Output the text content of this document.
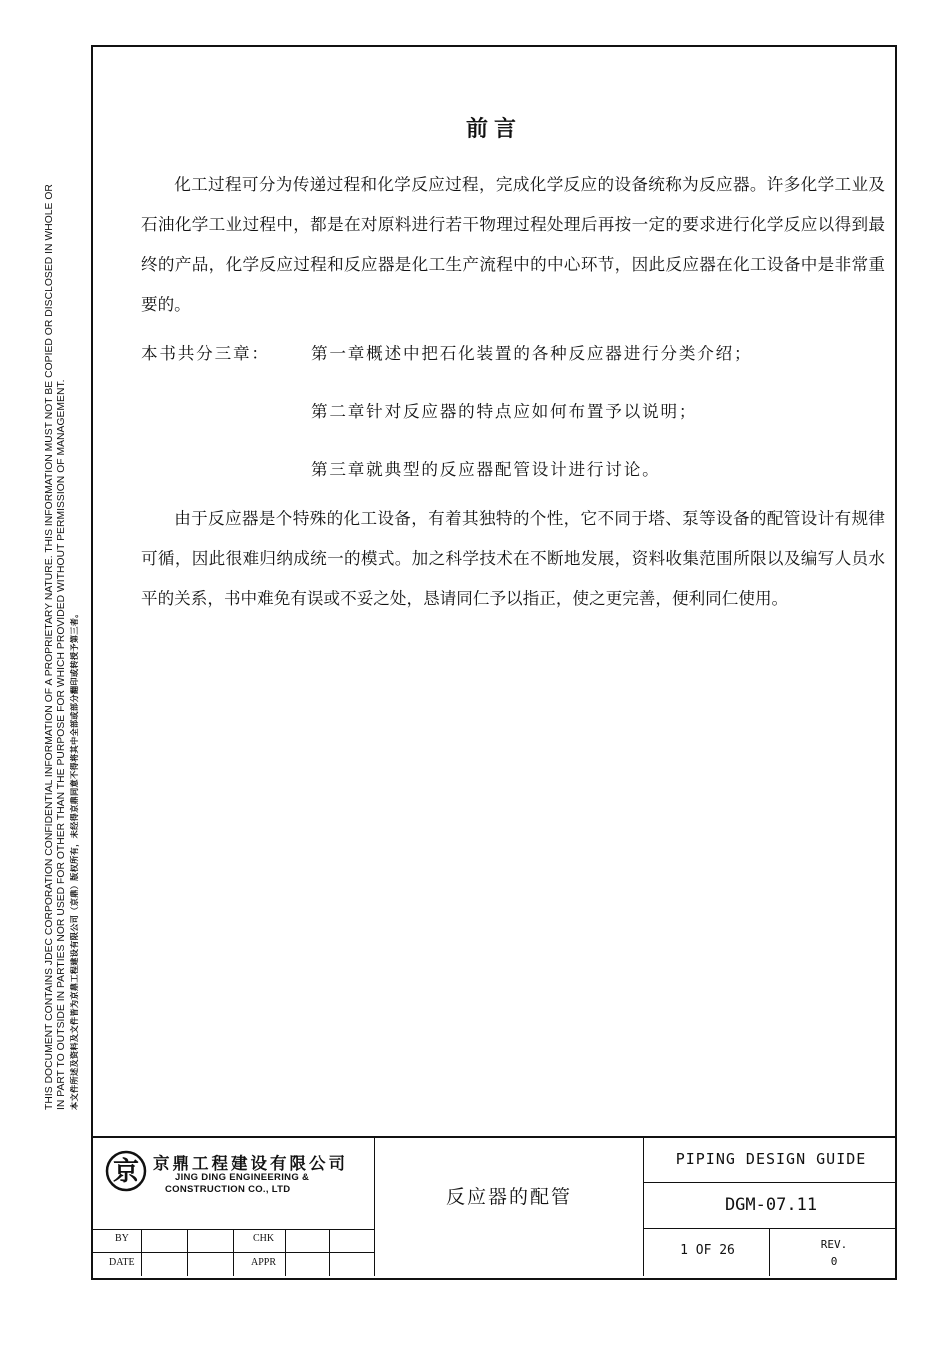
THIS DOCUMENT CONTAINS JDEC CORPORATION CONFIDENTIAL INFORMATION OF A PROPRIETARY NATURE. THIS INFORMATION MUST NOT BE COPIED OR DISCLOSED IN WHOLE OR IN PART TO OUTSIDE IN PARTIES NOR USED FOR OTHER THAN THE PURPOSE FOR WHICH PROVIDED WITHOUT PERMISSION OF MANAGEMENT. 本文件所述及资料及文件皆为京鼎工程建设有限公司（京鼎）版权所有，未经得京鼎同意不得将其中全部或部分翻印或转授予第三者。
前言

化工过程可分为传递过程和化学反应过程，完成化学反应的设备统称为反应器。许多化学工业及石油化学工业过程中，都是在对原料进行若干物理过程处理后再按一定的要求进行化学反应以得到最终的产品，化学反应过程和反应器是化工生产流程中的中心环节，因此反应器在化工设备中是非常重要的。

本书共分三章：	第一章概述中把石化装置的各种反应器进行分类介绍；
第二章针对反应器的特点应如何布置予以说明；
第三章就典型的反应器配管设计进行讨论。

由于反应器是个特殊的化工设备，有着其独特的个性，它不同于塔、泵等设备的配管设计有规律可循，因此很难归纳成统一的模式。加之科学技术在不断地发展，资料收集范围所限以及编写人员水平的关系，书中难免有误或不妥之处，恳请同仁予以指正，使之更完善，便利同仁使用。

京 京鼎工程建设有限公司
JING DING ENGINEERING &
CONSTRUCTION CO., LTD
BY
DATE
CHK
APPR
反应器的配管
PIPING DESIGN GUIDE
DGM-07.11
1 OF 26	REV.
0
